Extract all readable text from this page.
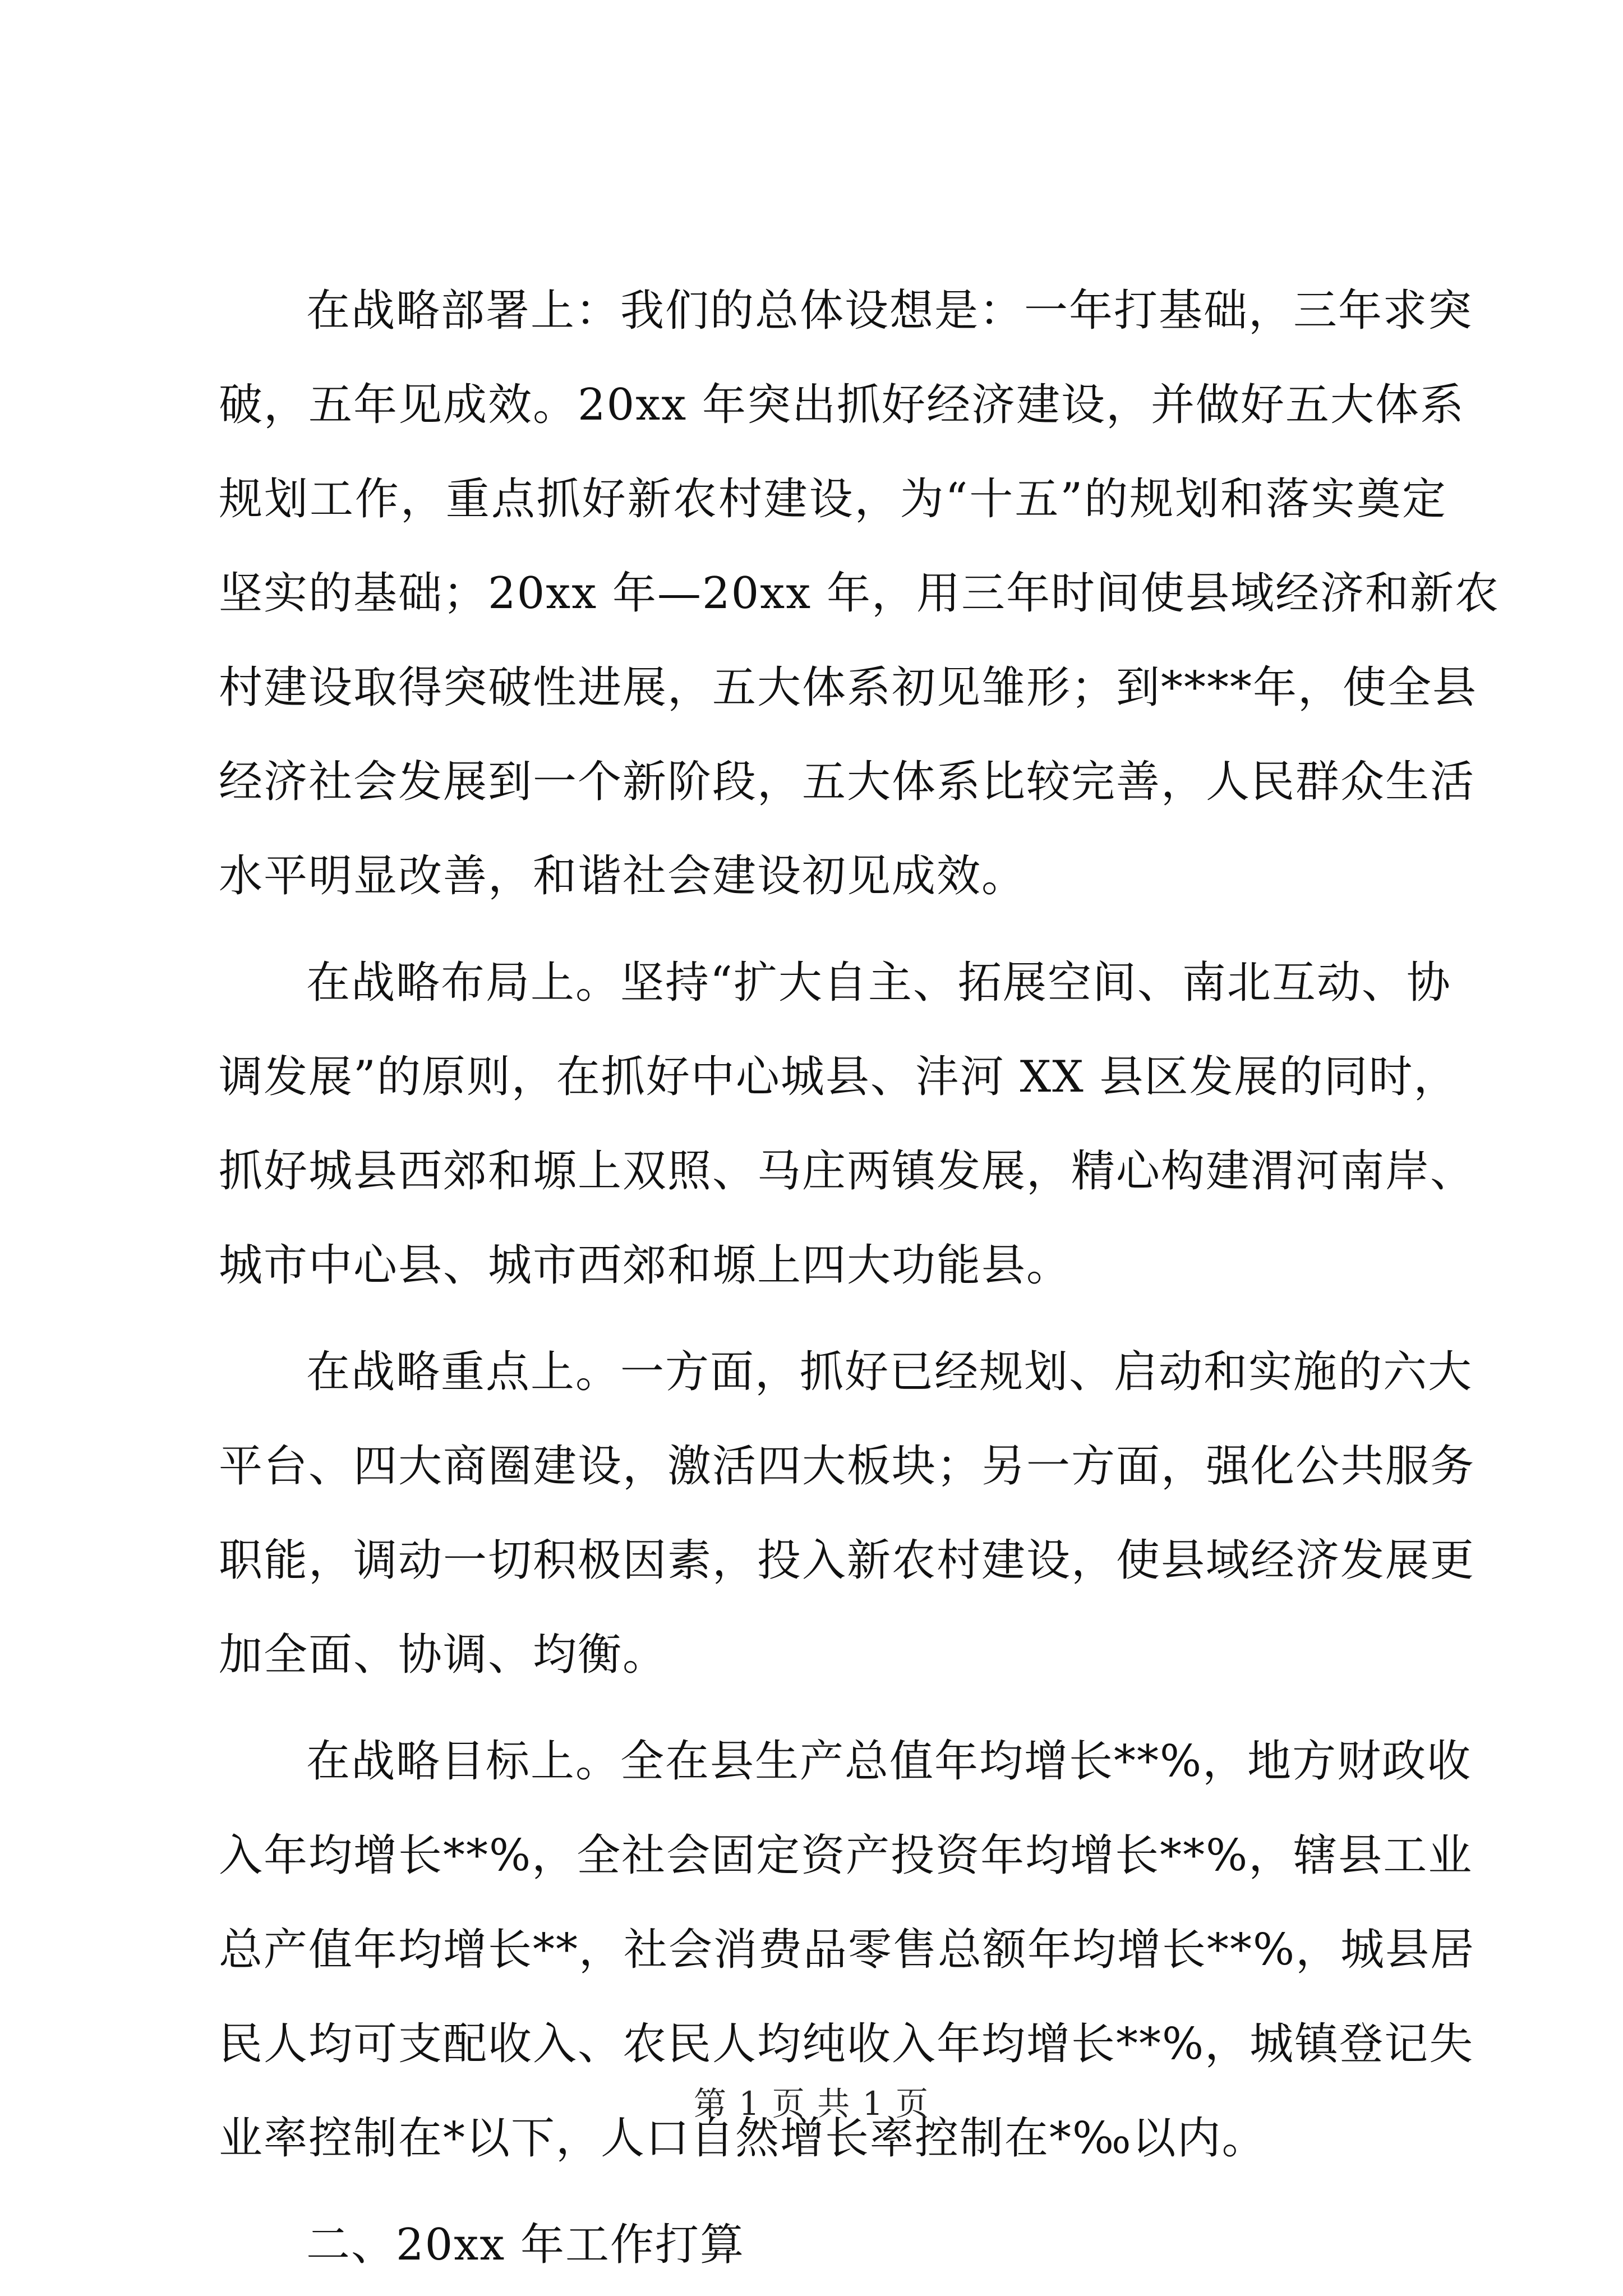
在战略部署上：我们的总体设想是：一年打基础，三年求突
破，五年见成效。20xx 年突出抓好经济建设，并做好五大体系
规划工作，重点抓好新农村建设，为“十五”的规划和落实奠定
坚实的基础；20xx 年—20xx 年，用三年时间使县域经济和新农
村建设取得突破性进展，五大体系初见雏形；到****年，使全县
经济社会发展到一个新阶段，五大体系比较完善，人民群众生活
水平明显改善，和谐社会建设初见成效。
在战略布局上。坚持“扩大自主、拓展空间、南北互动、协
调发展”的原则，在抓好中心城县、沣河 XX 县区发展的同时，
抓好城县西郊和塬上双照、马庄两镇发展，精心构建渭河南岸、
城市中心县、城市西郊和塬上四大功能县。
在战略重点上。一方面，抓好已经规划、启动和实施的六大
平台、四大商圈建设，激活四大板块；另一方面，强化公共服务
职能，调动一切积极因素，投入新农村建设，使县域经济发展更
加全面、协调、均衡。
在战略目标上。全在县生产总值年均增长**%，地方财政收
入年均增长**%，全社会固定资产投资年均增长**%，辖县工业
总产值年均增长**，社会消费品零售总额年均增长**%，城县居
民人均可支配收入、农民人均纯收入年均增长**%，城镇登记失
业率控制在*以下，人口自然增长率控制在*‰以内。
二、20xx 年工作打算
第 1 页 共 1 页
